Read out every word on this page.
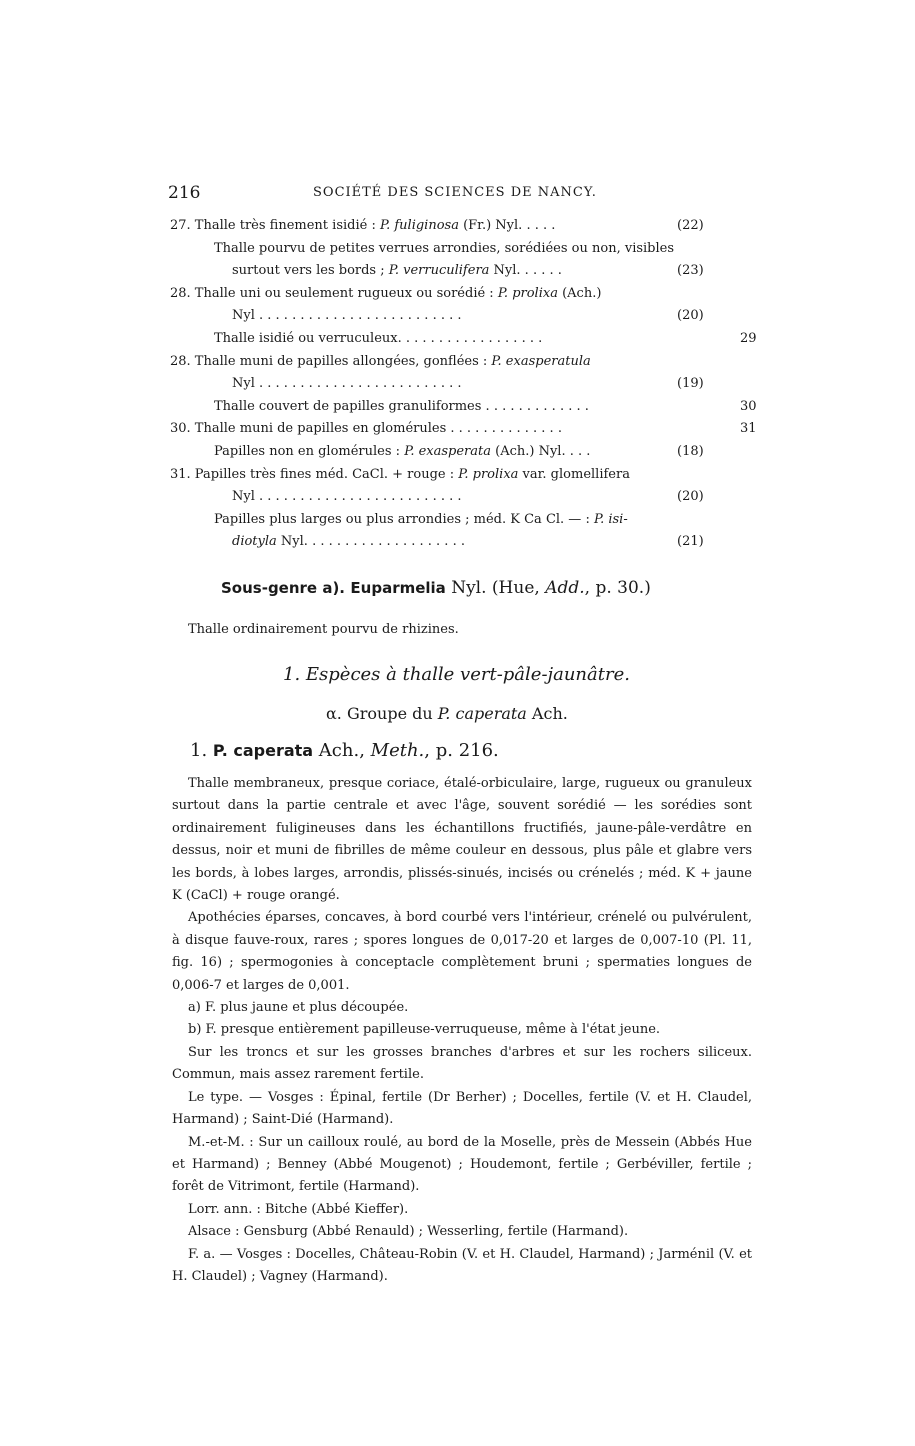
216	SOCIÉTÉ DES SCIENCES DE NANCY.
27. Thalle très finement isidié : P. fuliginosa (Fr.) Nyl. . . . .	(22)
Thalle pourvu de petites verrues arrondies, sorédiées ou non, visibles
surtout vers les bords ; P. verruculifera Nyl. . . . . .	(23)
28. Thalle uni ou seulement rugueux ou sorédié : P. prolixa (Ach.)
Nyl . . . . . . . . . . . . . . . . . . . . . . . . .	(20)
Thalle isidié ou verruculeux. . . . . . . . . . . . . . . . . .	29
28. Thalle muni de papilles allongées, gonflées : P. exasperatula
Nyl . . . . . . . . . . . . . . . . . . . . . . . . .	(19)
Thalle couvert de papilles granuliformes . . . . . . . . . . . . .	30
30. Thalle muni de papilles en glomérules . . . . . . . . . . . . . .	31
Papilles non en glomérules : P. exasperata (Ach.) Nyl. . . .	(18)
31. Papilles très fines méd. CaCl. + rouge : P. prolixa var. glomellifera
Nyl . . . . . . . . . . . . . . . . . . . . . . . . .	(20)
Papilles plus larges ou plus arrondies ; méd. K Ca Cl. — : P. isi-
diotyla Nyl. . . . . . . . . . . . . . . . . . . .	(21)
Sous-genre a). Euparmelia Nyl. (Hue, Add., p. 30.)
Thalle ordinairement pourvu de rhizines.
1. Espèces à thalle vert-pâle-jaunâtre.
α. Groupe du P. caperata Ach.
1. P. caperata Ach., Meth., p. 216.

Thalle membraneux, presque coriace, étalé-orbiculaire, large, rugueux ou granuleux surtout dans la partie centrale et avec l'âge, souvent sorédié — les sorédies sont ordinairement fuligineuses dans les échantillons fructifiés, jaune-pâle-verdâtre en dessus, noir et muni de fibrilles de même couleur en dessous, plus pâle et glabre vers les bords, à lobes larges, arrondis, plissés-sinués, incisés ou crénelés ; méd. K + jaune K (CaCl) + rouge orangé.

Apothécies éparses, concaves, à bord courbé vers l'intérieur, crénelé ou pulvérulent, à disque fauve-roux, rares ; spores longues de 0,017-20 et larges de 0,007-10 (Pl. 11, fig. 16) ; spermogonies à conceptacle complètement bruni ; spermaties longues de 0,006-7 et larges de 0,001.

a) F. plus jaune et plus découpée.

b) F. presque entièrement papilleuse-verruqueuse, même à l'état jeune.

Sur les troncs et sur les grosses branches d'arbres et sur les rochers siliceux. Commun, mais assez rarement fertile.

Le type. — Vosges : Épinal, fertile (Dr Berher) ; Docelles, fertile (V. et H. Claudel, Harmand) ; Saint-Dié (Harmand).

M.-et-M. : Sur un cailloux roulé, au bord de la Moselle, près de Messein (Abbés Hue et Harmand) ; Benney (Abbé Mougenot) ; Houdemont, fertile ; Gerbéviller, fertile ; forêt de Vitrimont, fertile (Harmand).

Lorr. ann. : Bitche (Abbé Kieffer).

Alsace : Gensburg (Abbé Renauld) ; Wesserling, fertile (Harmand).

F. a. — Vosges : Docelles, Château-Robin (V. et H. Claudel, Harmand) ; Jarménil (V. et H. Claudel) ; Vagney (Harmand).
